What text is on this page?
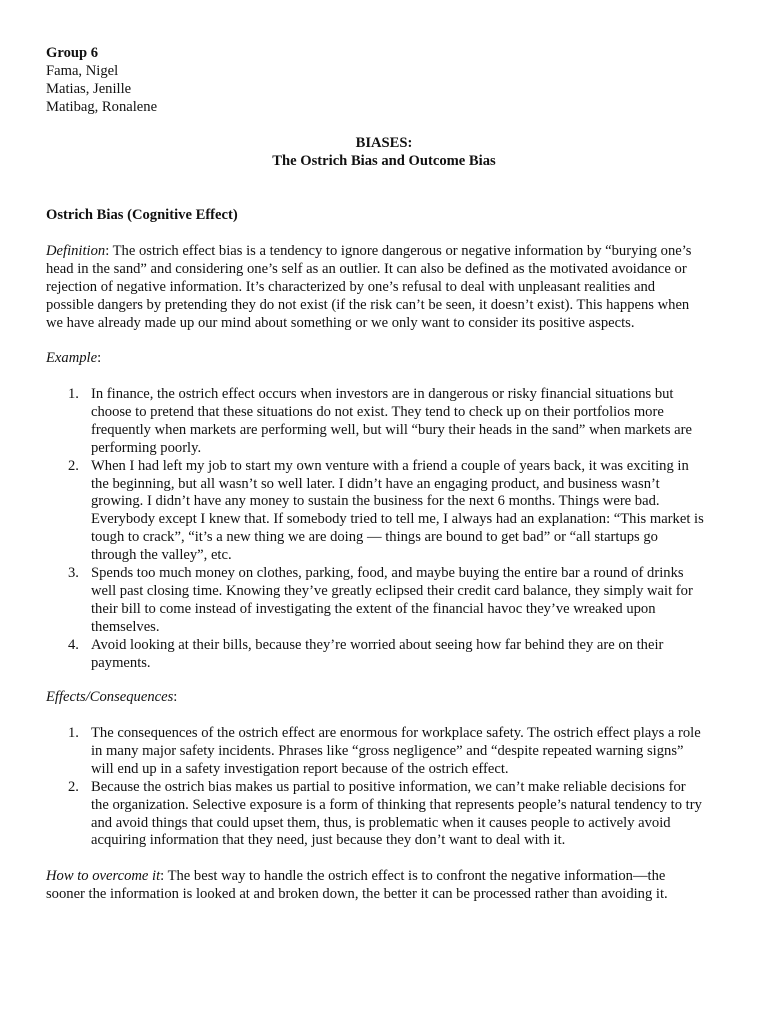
Group 6
Fama, Nigel
Matias, Jenille
Matibag, Ronalene
BIASES:
The Ostrich Bias and Outcome Bias
Ostrich Bias (Cognitive Effect)
Definition: The ostrich effect bias is a tendency to ignore dangerous or negative information by “burying one’s
head in the sand” and considering one’s self as an outlier. It can also be defined as the motivated avoidance or
rejection of negative information. It’s characterized by one’s refusal to deal with unpleasant realities and
possible dangers by pretending they do not exist (if the risk can’t be seen, it doesn’t exist). This happens when
we have already made up our mind about something or we only want to consider its positive aspects.
Example:
1. In finance, the ostrich effect occurs when investors are in dangerous or risky financial situations but
choose to pretend that these situations do not exist. They tend to check up on their portfolios more
frequently when markets are performing well, but will “bury their heads in the sand” when markets are
performing poorly.
2. When I had left my job to start my own venture with a friend a couple of years back, it was exciting in
the beginning, but all wasn’t so well later. I didn’t have an engaging product, and business wasn’t
growing. I didn’t have any money to sustain the business for the next 6 months. Things were bad.
Everybody except I knew that. If somebody tried to tell me, I always had an explanation: “This market is
tough to crack”, “it’s a new thing we are doing — things are bound to get bad” or “all startups go
through the valley”, etc.
3. Spends too much money on clothes, parking, food, and maybe buying the entire bar a round of drinks
well past closing time. Knowing they’ve greatly eclipsed their credit card balance, they simply wait for
their bill to come instead of investigating the extent of the financial havoc they’ve wreaked upon
themselves.
4. Avoid looking at their bills, because they’re worried about seeing how far behind they are on their
payments.
Effects/Consequences:
1. The consequences of the ostrich effect are enormous for workplace safety. The ostrich effect plays a role
in many major safety incidents. Phrases like “gross negligence” and “despite repeated warning signs”
will end up in a safety investigation report because of the ostrich effect.
2. Because the ostrich bias makes us partial to positive information, we can’t make reliable decisions for
the organization. Selective exposure is a form of thinking that represents people’s natural tendency to try
and avoid things that could upset them, thus, is problematic when it causes people to actively avoid
acquiring information that they need, just because they don’t want to deal with it.
How to overcome it: The best way to handle the ostrich effect is to confront the negative information—the
sooner the information is looked at and broken down, the better it can be processed rather than avoiding it.
